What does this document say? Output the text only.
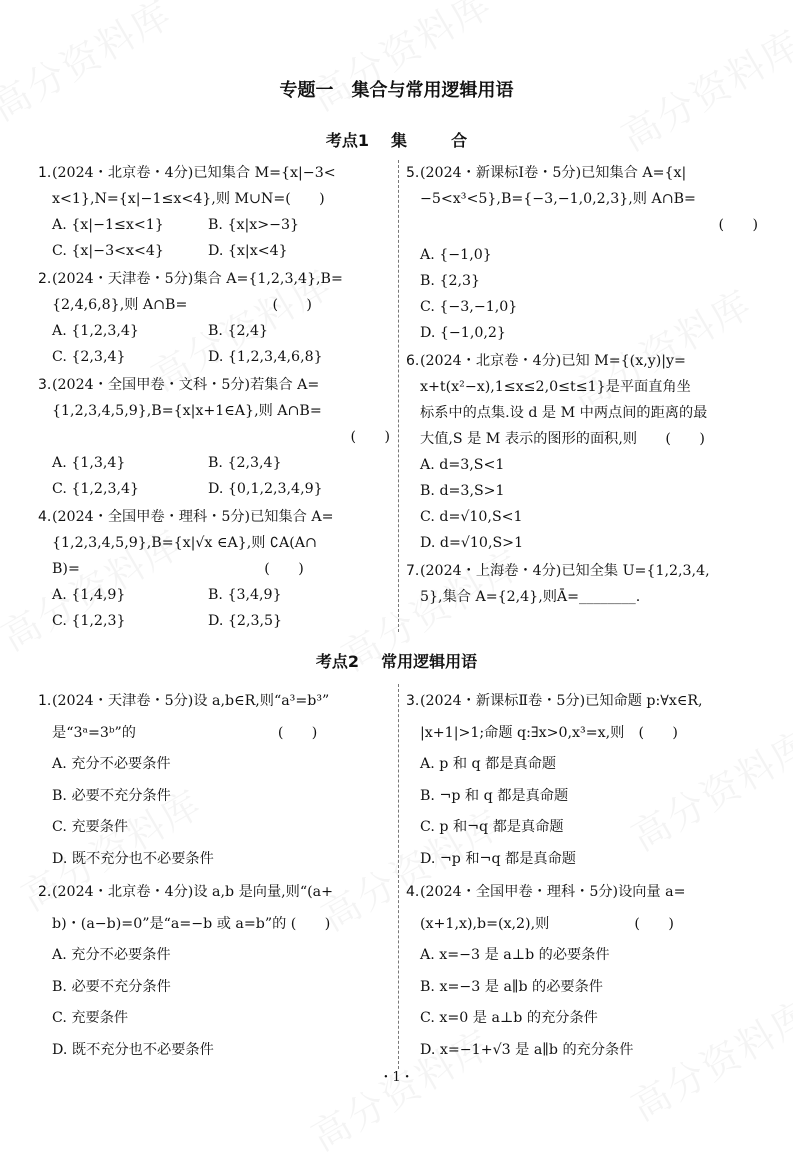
专题一　集合与常用逻辑用语
考点1 集	合
1. (2024・北京卷・4分)已知集合 M={x|−3<
x<1},N={x|−1≤x<4},则 M∪N=(　　)
A. {x|−1≤x<1}	B. {x|x>−3}
C. {x|−3<x<4}	D. {x|x<4}
2. (2024・天津卷・5分)集合 A={1,2,3,4},B=
{2,4,6,8},则 A∩B=　　　　　　(　　)
A. {1,2,3,4}	B. {2,4}
C. {2,3,4}	D. {1,2,3,4,6,8}
3. (2024・全国甲卷・文科・5分)若集合 A=
{1,2,3,4,5,9},B={x|x+1∈A},则 A∩B=
(　　)
A. {1,3,4}	B. {2,3,4}
C. {1,2,3,4}	D. {0,1,2,3,4,9}
4. (2024・全国甲卷・理科・5分)已知集合 A=
{1,2,3,4,5,9},B={x|√x ∈A},则 ∁A(A∩
B)=　　　　　　　　　　　　　(　　)
A. {1,4,9}	B. {3,4,9}
C. {1,2,3}	D. {2,3,5}
5. (2024・新课标Ⅰ卷・5分)已知集合 A={x|
−5<x³<5},B={−3,−1,0,2,3},则 A∩B=
(　　)
A. {−1,0}
B. {2,3}
C. {−3,−1,0}
D. {−1,0,2}
6. (2024・北京卷・4分)已知 M={(x,y)|y=
x+t(x²−x),1≤x≤2,0≤t≤1}是平面直角坐
标系中的点集.设 d 是 M 中两点间的距离的最
大值,S 是 M 表示的图形的面积,则　　(　　)
A. d=3,S<1
B. d=3,S>1
C. d=√10,S<1
D. d=√10,S>1
7. (2024・上海卷・4分)已知全集 U={1,2,3,4,
5},集合 A={2,4},则Ā=________.
考点2 常用逻辑用语
1. (2024・天津卷・5分)设 a,b∈R,则“a³=b³”
是“3ᵃ=3ᵇ”的　　　　　　　　　　(　　)
A. 充分不必要条件
B. 必要不充分条件
C. 充要条件
D. 既不充分也不必要条件
2. (2024・北京卷・4分)设 a,b 是向量,则“(a+
b)・(a−b)=0”是“a=−b 或 a=b”的 (　　)
A. 充分不必要条件
B. 必要不充分条件
C. 充要条件
D. 既不充分也不必要条件
3. (2024・新课标Ⅱ卷・5分)已知命题 p:∀x∈R,
|x+1|>1;命题 q:∃x>0,x³=x,则　(　　)
A. p 和 q 都是真命题
B. ¬p 和 q 都是真命题
C. p 和¬q 都是真命题
D. ¬p 和¬q 都是真命题
4. (2024・全国甲卷・理科・5分)设向量 a=
(x+1,x),b=(x,2),则　　　　　　(　　)
A. x=−3 是 a⊥b 的必要条件
B. x=−3 是 a∥b 的必要条件
C. x=0 是 a⊥b 的充分条件
D. x=−1+√3 是 a∥b 的充分条件
・1・
